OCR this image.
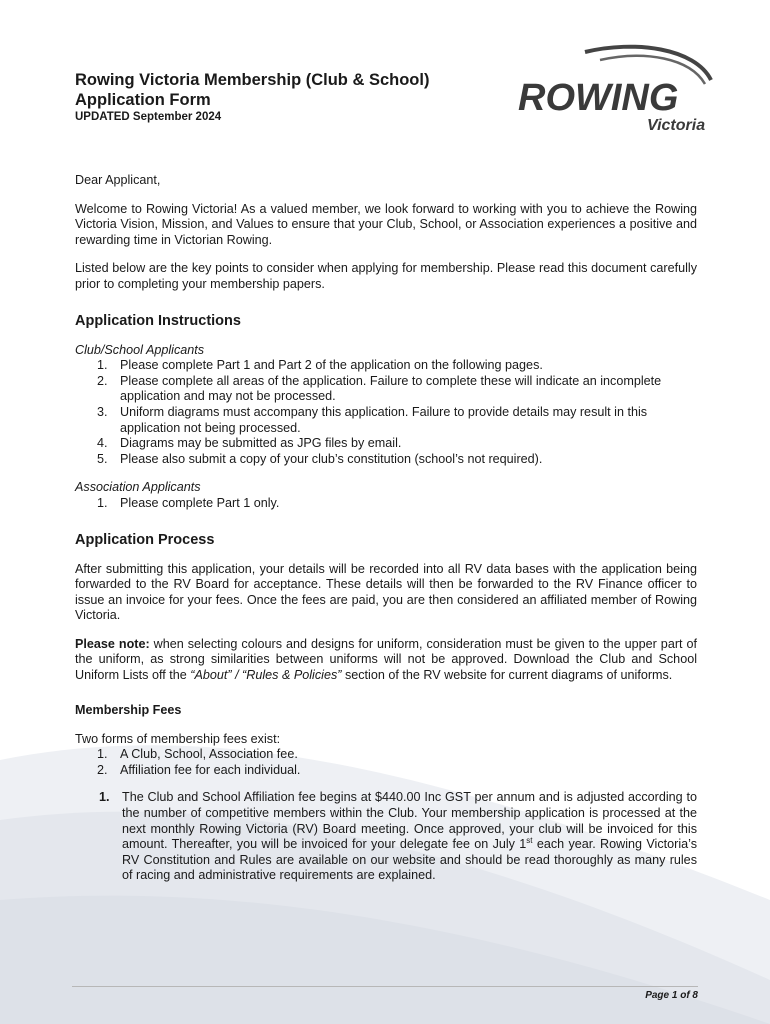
ROWING
Victoria
Rowing Victoria Membership (Club & School)
Application Form
UPDATED September 2024

Dear Applicant,

Welcome to Rowing Victoria! As a valued member, we look forward to working with you to achieve the Rowing Victoria Vision, Mission, and Values to ensure that your Club, School, or Association experiences a positive and rewarding time in Victorian Rowing.

Listed below are the key points to consider when applying for membership. Please read this document carefully prior to completing your membership papers.

Application Instructions
Club/School Applicants
1. Please complete Part 1 and Part 2 of the application on the following pages.
2. Please complete all areas of the application. Failure to complete these will indicate an incomplete application and may not be processed.
3. Uniform diagrams must accompany this application. Failure to provide details may result in this application not being processed.
4. Diagrams may be submitted as JPG files by email.
5. Please also submit a copy of your club’s constitution (school’s not required).
Association Applicants
1. Please complete Part 1 only.
Application Process

After submitting this application, your details will be recorded into all RV data bases with the application being forwarded to the RV Board for acceptance. These details will then be forwarded to the RV Finance officer to issue an invoice for your fees. Once the fees are paid, you are then considered an affiliated member of Rowing Victoria.

Please note: when selecting colours and designs for uniform, consideration must be given to the upper part of the uniform, as strong similarities between uniforms will not be approved. Download the Club and School Uniform Lists off the “About” / “Rules & Policies” section of the RV website for current diagrams of uniforms.

Membership Fees

Two forms of membership fees exist:

1. A Club, School, Association fee.
2. Affiliation fee for each individual.
1. The Club and School Affiliation fee begins at $440.00 Inc GST per annum and is adjusted according to the number of competitive members within the Club. Your membership application is processed at the next monthly Rowing Victoria (RV) Board meeting. Once approved, your club will be invoiced for this amount. Thereafter, you will be invoiced for your delegate fee on July 1st each year. Rowing Victoria’s RV Constitution and Rules are available on our website and should be read thoroughly as many rules of racing and administrative requirements are explained.
Page 1 of 8
